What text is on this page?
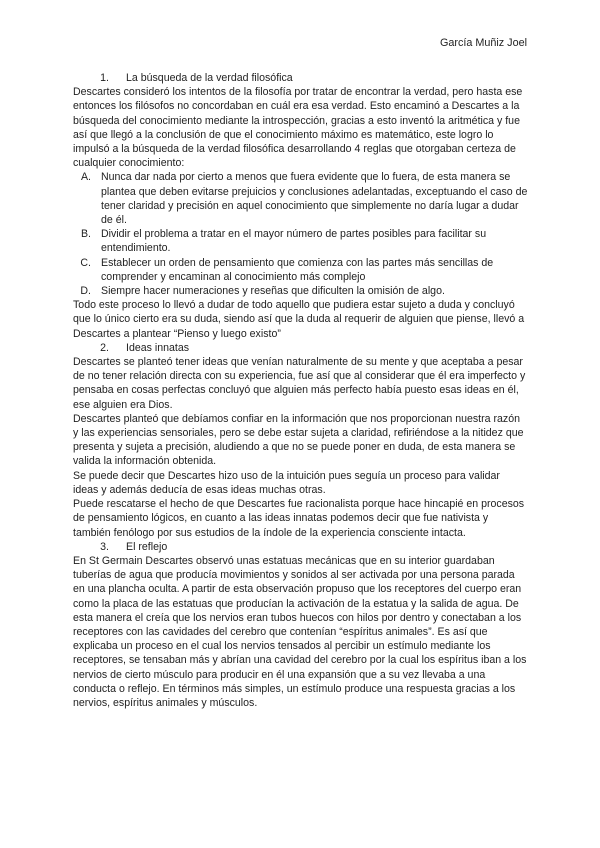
García Muñiz Joel
1.	La búsqueda de la verdad filosófica

Descartes consideró los intentos de la filosofía por tratar de encontrar la verdad, pero hasta ese entonces los filósofos no concordaban en cuál era esa verdad. Esto encaminó a Descartes a la búsqueda del conocimiento mediante la introspección, gracias a esto inventó la aritmética y fue así que llegó a la conclusión de que el conocimiento máximo es matemático, este logro lo impulsó a la búsqueda de la verdad filosófica desarrollando 4 reglas que otorgaban certeza de cualquier conocimiento:

A. Nunca dar nada por cierto a menos que fuera evidente que lo fuera, de esta manera se plantea que deben evitarse prejuicios y conclusiones adelantadas, exceptuando el caso de tener claridad y precisión en aquel conocimiento que simplemente no daría lugar a dudar de él.
B. Dividir el problema a tratar en el mayor número de partes posibles para facilitar su entendimiento.
C. Establecer un orden de pensamiento que comienza con las partes más sencillas de comprender y encaminan al conocimiento más complejo
D. Siempre hacer numeraciones y reseñas que dificulten la omisión de algo.

Todo este proceso lo llevó a dudar de todo aquello que pudiera estar sujeto a duda y concluyó que lo único cierto era su duda, siendo así que la duda al requerir de alguien que piense, llevó a Descartes a plantear “Pienso y luego existo”

2.	Ideas innatas

Descartes se planteó tener ideas que venían naturalmente de su mente y que aceptaba a pesar de no tener relación directa con su experiencia, fue así que al considerar que él era imperfecto y pensaba en cosas perfectas concluyó que alguien más perfecto había puesto esas ideas en él, ese alguien era Dios.

Descartes planteó que debíamos confiar en la información que nos proporcionan nuestra razón y las experiencias sensoriales, pero se debe estar sujeta a claridad, refiriéndose a la nitidez que presenta y sujeta a precisión, aludiendo a que no se puede poner en duda, de esta manera se valida la información obtenida.

Se puede decir que Descartes hizo uso de la intuición pues seguía un proceso para validar ideas y además deducía de esas ideas muchas otras.

Puede rescatarse el hecho de que Descartes fue racionalista porque hace hincapié en procesos de pensamiento lógicos, en cuanto a las ideas innatas podemos decir que fue nativista y también fenólogo por sus estudios de la índole de la experiencia consciente intacta.

3.	El reflejo

En St Germain Descartes observó unas estatuas mecánicas que en su interior guardaban tuberías de agua que producía movimientos y sonidos al ser activada por una persona parada en una plancha oculta. A partir de esta observación propuso que los receptores del cuerpo eran como la placa de las estatuas que producían la activación de la estatua y la salida de agua. De esta manera el creía que los nervios eran tubos huecos con hilos por dentro y conectaban a los receptores con las cavidades del cerebro que contenían “espíritus animales”. Es así que explicaba un proceso en el cual los nervios tensados al percibir un estímulo mediante los receptores, se tensaban más y abrían una cavidad del cerebro por la cual los espíritus iban a los nervios de cierto músculo para producir en él una expansión que a su vez llevaba a una conducta o reflejo. En términos más simples, un estímulo produce una respuesta gracias a los nervios, espíritus animales y músculos.
